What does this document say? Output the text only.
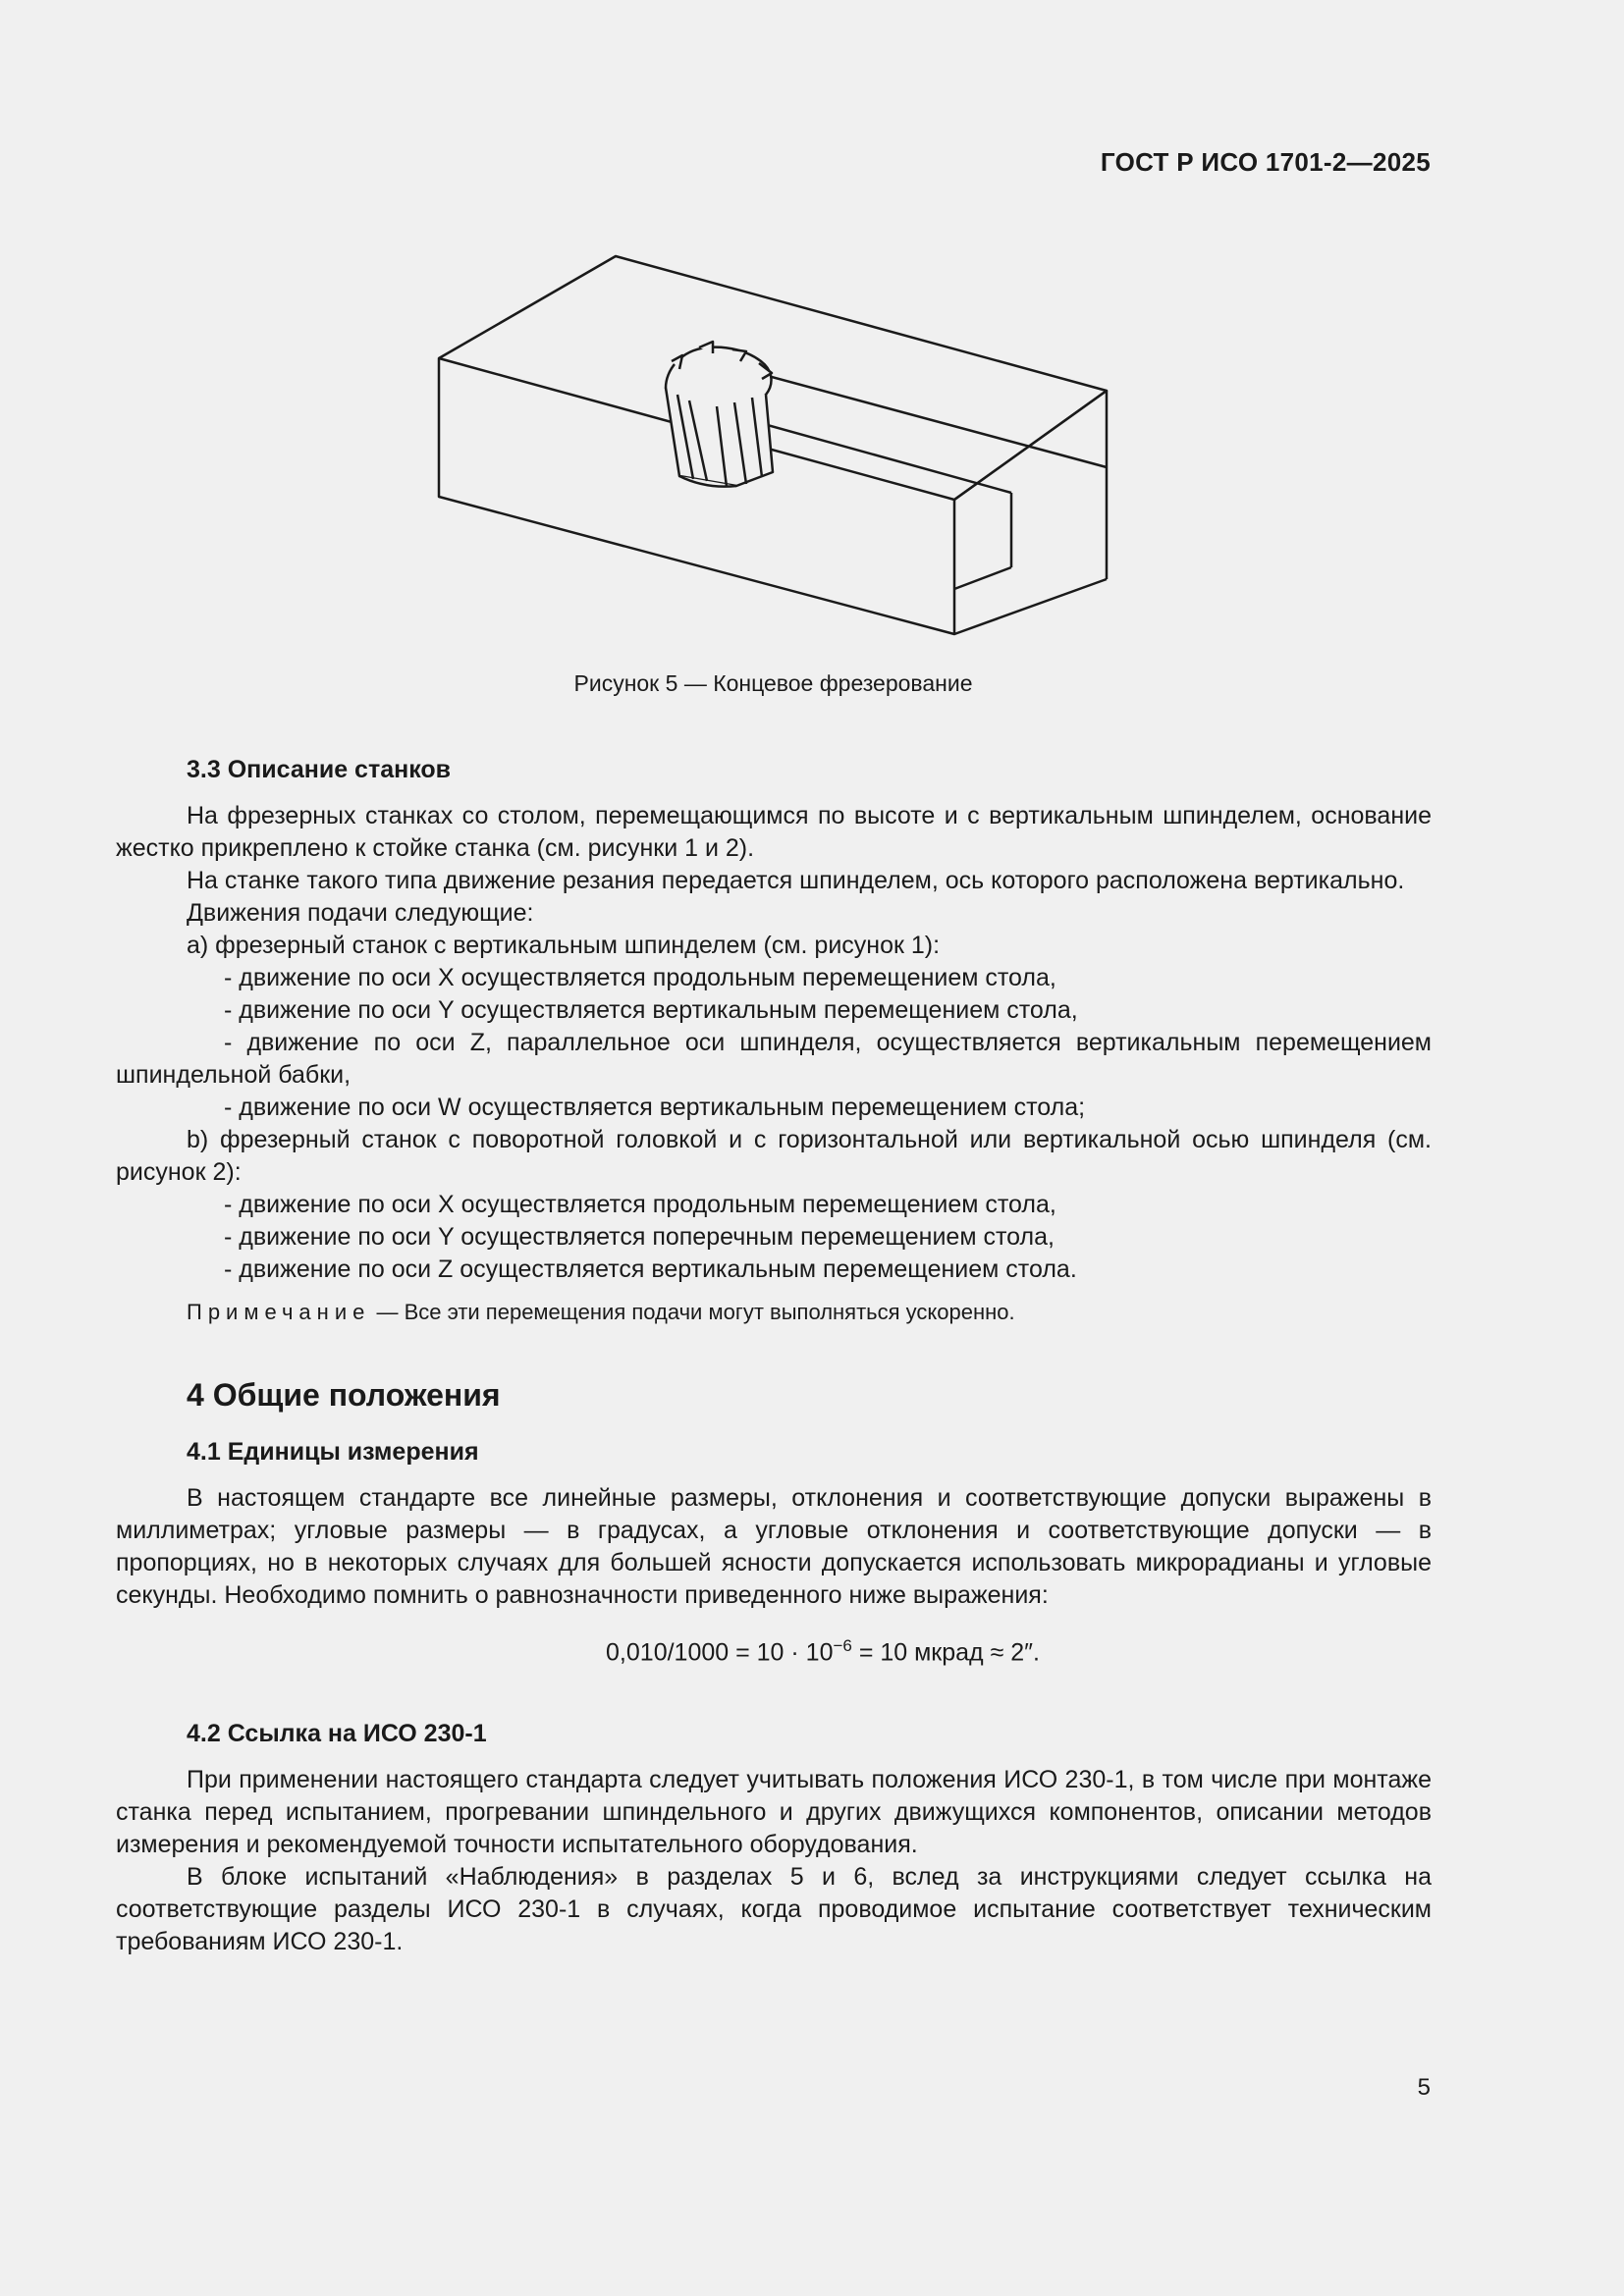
ГОСТ Р ИСО 1701-2—2025
Рисунок 5 — Концевое фрезерование

3.3 Описание станков

На фрезерных станках со столом, перемещающимся по высоте и с вертикальным шпинделем, основание жестко прикреплено к стойке станка (см. рисунки 1 и 2).

На станке такого типа движение резания передается шпинделем, ось которого расположена вертикально.

Движения подачи следующие:

a) фрезерный станок с вертикальным шпинделем (см. рисунок 1):

- движение по оси X осуществляется продольным перемещением стола,

- движение по оси Y осуществляется вертикальным перемещением стола,

- движение по оси Z, параллельное оси шпинделя, осуществляется вертикальным перемещением шпиндельной бабки,

- движение по оси W осуществляется вертикальным перемещением стола;

b) фрезерный станок с поворотной головкой и с горизонтальной или вертикальной осью шпинделя (см. рисунок 2):

- движение по оси X осуществляется продольным перемещением стола,

- движение по оси Y осуществляется поперечным перемещением стола,

- движение по оси Z осуществляется вертикальным перемещением стола.

Примечание — Все эти перемещения подачи могут выполняться ускоренно.

4 Общие положения

4.1 Единицы измерения

В настоящем стандарте все линейные размеры, отклонения и соответствующие допуски выражены в миллиметрах; угловые размеры — в градусах, а угловые отклонения и соответствующие допуски — в пропорциях, но в некоторых случаях для большей ясности допускается использовать микрорадианы и угловые секунды. Необходимо помнить о равнозначности приведенного ниже выражения:

$0,010/1000 = 10 \cdot 10^{-6} = 10$ мкрад ≈ 2″.

4.2 Ссылка на ИСО 230-1

При применении настоящего стандарта следует учитывать положения ИСО 230-1, в том числе при монтаже станка перед испытанием, прогревании шпиндельного и других движущихся компонентов, описании методов измерения и рекомендуемой точности испытательного оборудования.

В блоке испытаний «Наблюдения» в разделах 5 и 6, вслед за инструкциями следует ссылка на соответствующие разделы ИСО 230-1 в случаях, когда проводимое испытание соответствует техническим требованиям ИСО 230-1.

5
